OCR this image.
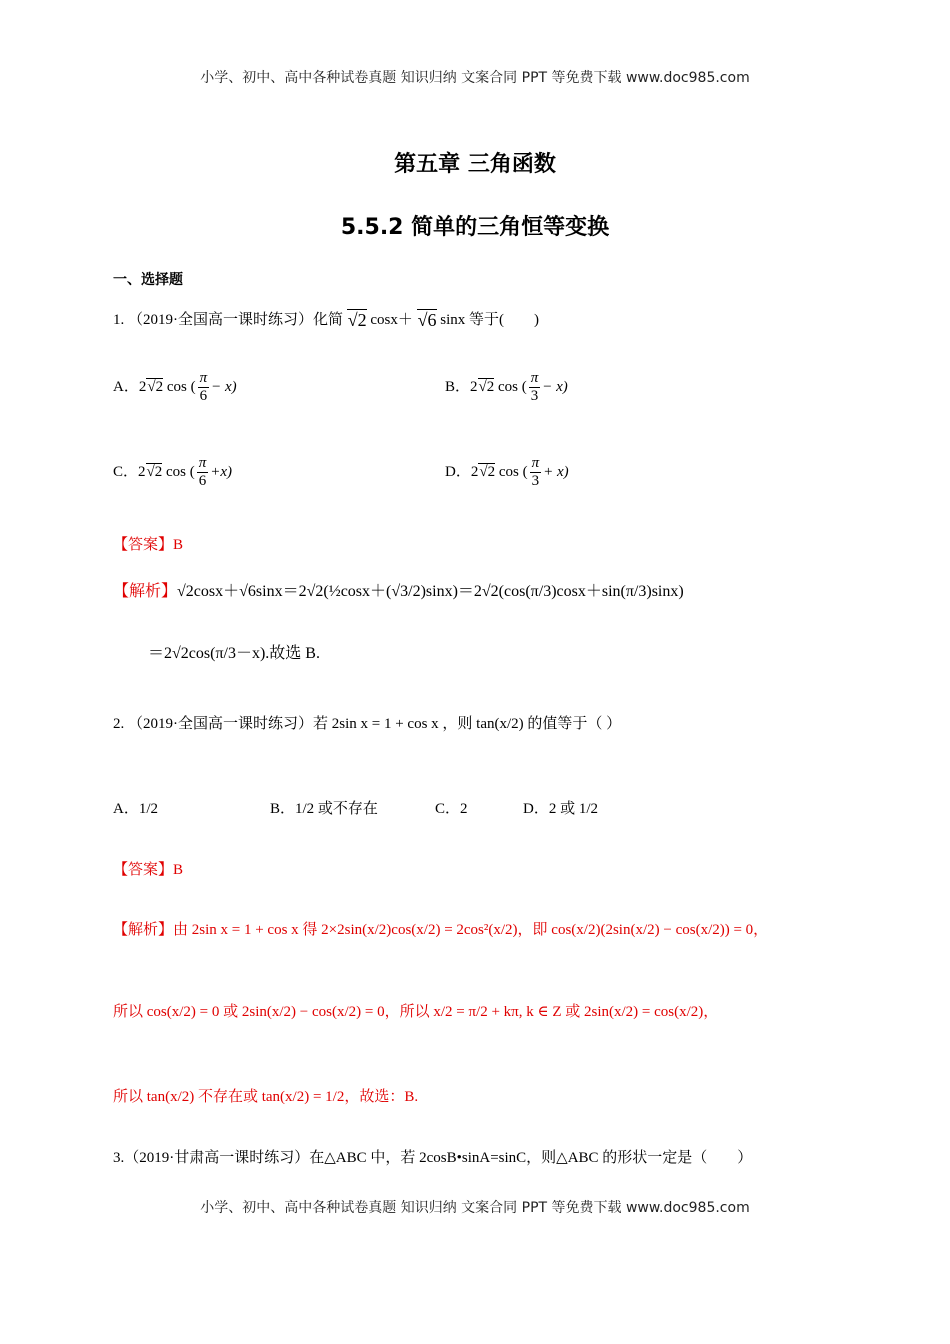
小学、初中、高中各种试卷真题 知识归纳 文案合同 PPT 等免费下载 www.doc985.com
第五章 三角函数
5.5.2 简单的三角恒等变换
一、选择题
1. （2019·全国高一课时练习）化简 √ 2 cosx＋ √ 6 sinx 等于(　　)
A．2 √ 2 cos ( $\frac{\pi}{6} - x$)	B．2 √ 2 cos ( $\frac{\pi}{3} - x$)
C．2 √ 2 cos ( $\frac{\pi}{6} +x$)	D．2 √ 2 cos ( $\frac{\pi}{3} + x$)
【答案】B
【解析】√2cosx＋√6sinx＝2√2(½cosx＋(√3/2)sinx)＝2√2(cos(π/3)cosx＋sin(π/3)sinx)
＝2√2cos(π/3－x).故选 B.
2. （2019·全国高一课时练习）若 2sin x = 1 + cos x ，则 tan(x/2) 的值等于（ ）
A．1/2	B．1/2 或不存在	C．2	D．2 或 1/2
【答案】B
【解析】由 2sin x = 1 + cos x 得 2×2sin(x/2)cos(x/2) = 2cos²(x/2)，即 cos(x/2)(2sin(x/2) − cos(x/2)) = 0，
所以 cos(x/2) = 0 或 2sin(x/2) − cos(x/2) = 0，所以 x/2 = π/2 + kπ, k ∈ Z 或 2sin(x/2) = cos(x/2)，
所以 tan(x/2) 不存在或 tan(x/2) = 1/2，故选：B.
3.（2019·甘肃高一课时练习）在△ABC 中，若 2cosB•sinA=sinC，则△ABC 的形状一定是（　　）
小学、初中、高中各种试卷真题 知识归纳 文案合同 PPT 等免费下载 www.doc985.com
